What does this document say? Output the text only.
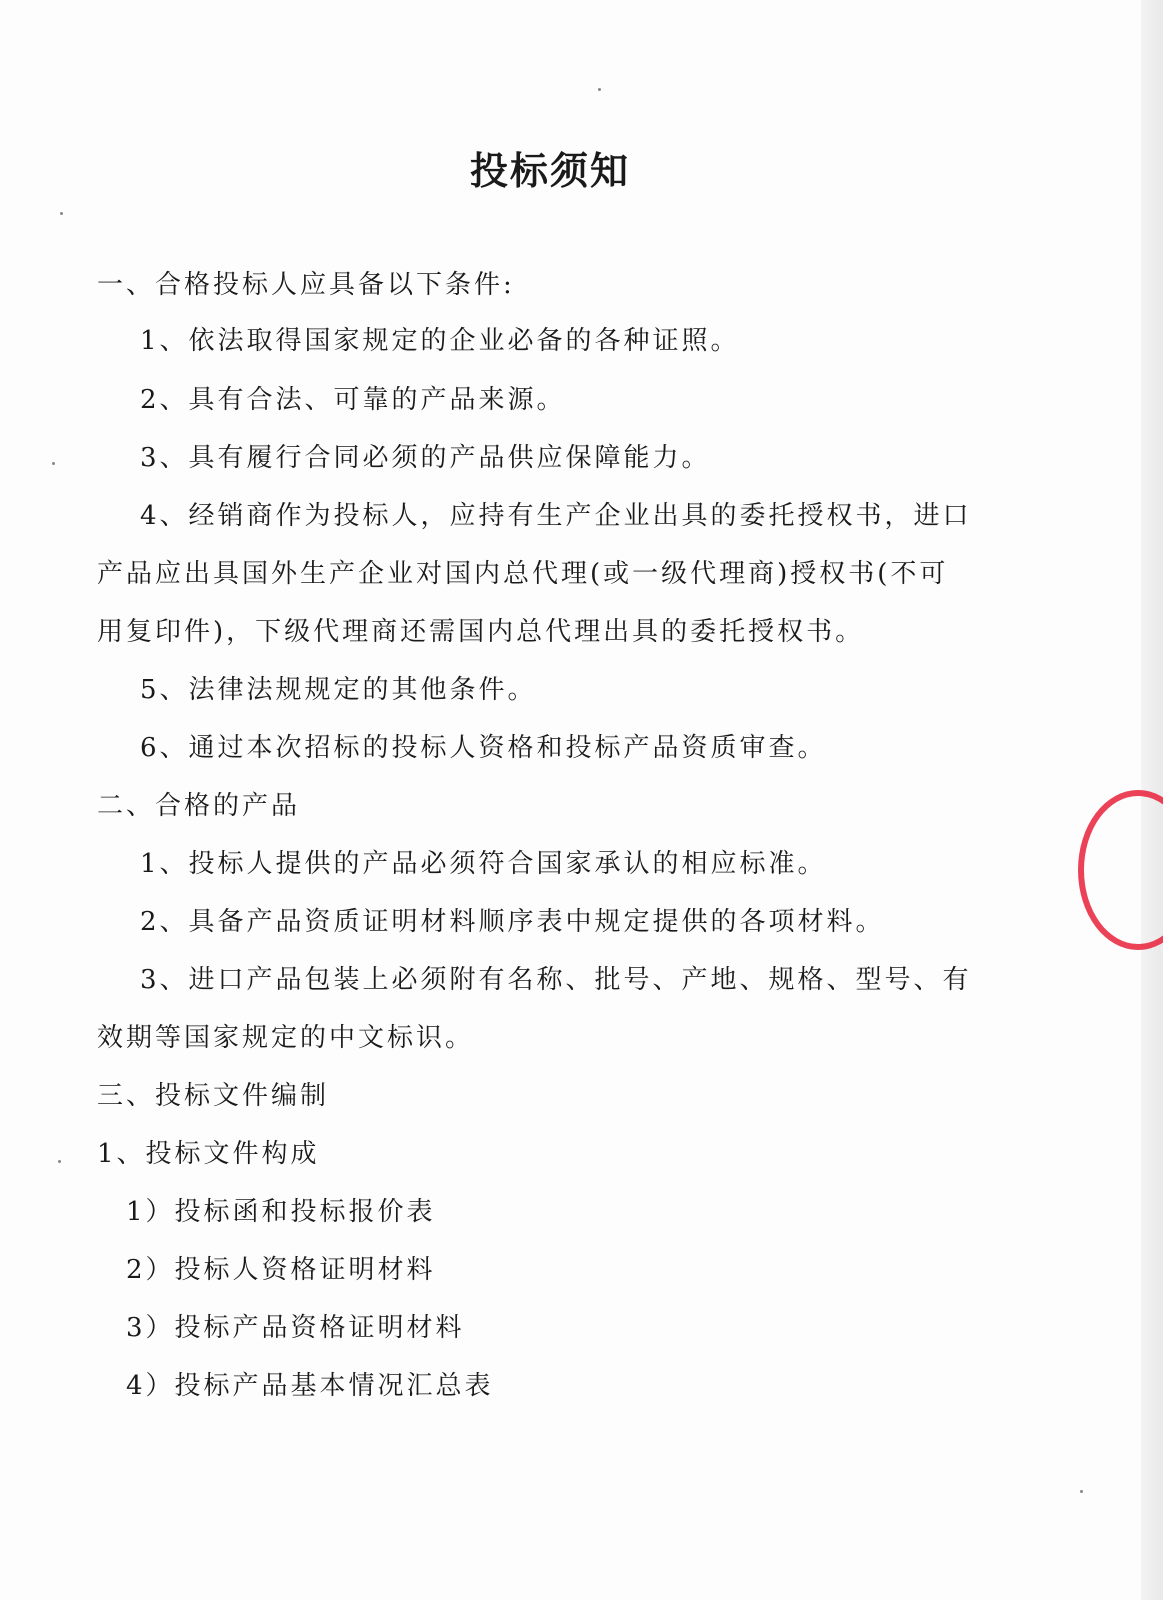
投标须知
一、合格投标人应具备以下条件:
1、依法取得国家规定的企业必备的各种证照。
2、具有合法、可靠的产品来源。
3、具有履行合同必须的产品供应保障能力。
4、经销商作为投标人，应持有生产企业出具的委托授权书，进口
产品应出具国外生产企业对国内总代理(或一级代理商)授权书(不可
用复印件)，下级代理商还需国内总代理出具的委托授权书。
5、法律法规规定的其他条件。
6、通过本次招标的投标人资格和投标产品资质审查。
二、合格的产品
1、投标人提供的产品必须符合国家承认的相应标准。
2、具备产品资质证明材料顺序表中规定提供的各项材料。
3、进口产品包装上必须附有名称、批号、产地、规格、型号、有
效期等国家规定的中文标识。
三、投标文件编制
1、投标文件构成
1）投标函和投标报价表
2）投标人资格证明材料
3）投标产品资格证明材料
4）投标产品基本情况汇总表
